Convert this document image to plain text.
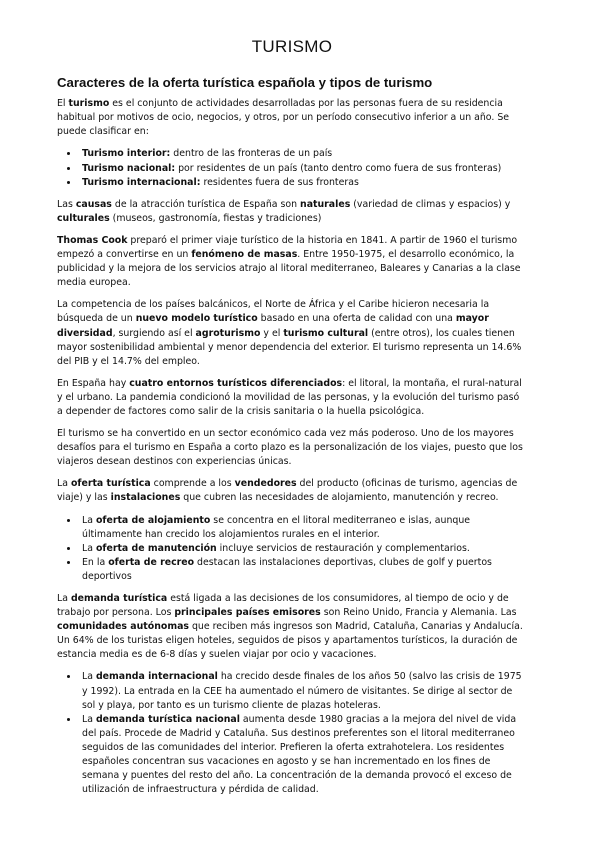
TURISMO
Caracteres de la oferta turística española y tipos de turismo

El turismo es el conjunto de actividades desarrolladas por las personas fuera de su residencia habitual por motivos de ocio, negocios, y otros, por un período consecutivo inferior a un año. Se puede clasificar en:

• Turismo interior: dentro de las fronteras de un país
• Turismo nacional: por residentes de un país (tanto dentro como fuera de sus fronteras)
• Turismo internacional: residentes fuera de sus fronteras

Las causas de la atracción turística de España son naturales (variedad de climas y espacios) y culturales (museos, gastronomía, fiestas y tradiciones)

Thomas Cook preparó el primer viaje turístico de la historia en 1841. A partir de 1960 el turismo empezó a convertirse en un fenómeno de masas. Entre 1950-1975, el desarrollo económico, la publicidad y la mejora de los servicios atrajo al litoral mediterraneo, Baleares y Canarias a la clase media europea.

La competencia de los países balcánicos, el Norte de África y el Caribe hicieron necesaria la búsqueda de un nuevo modelo turístico basado en una oferta de calidad con una mayor diversidad, surgiendo así el agroturismo y el turismo cultural (entre otros), los cuales tienen mayor sostenibilidad ambiental y menor dependencia del exterior. El turismo representa un 14.6% del PIB y el 14.7% del empleo.

En España hay cuatro entornos turísticos diferenciados: el litoral, la montaña, el rural-natural y el urbano. La pandemia condicionó la movilidad de las personas, y la evolución del turismo pasó a depender de factores como salir de la crisis sanitaria o la huella psicológica.

El turismo se ha convertido en un sector económico cada vez más poderoso. Uno de los mayores desafíos para el turismo en España a corto plazo es la personalización de los viajes, puesto que los viajeros desean destinos con experiencias únicas.

La oferta turística comprende a los vendedores del producto (oficinas de turismo, agencias de viaje) y las instalaciones que cubren las necesidades de alojamiento, manutención y recreo.

• La oferta de alojamiento se concentra en el litoral mediterraneo e islas, aunque últimamente han crecido los alojamientos rurales en el interior.
• La oferta de manutención incluye servicios de restauración y complementarios.
• En la oferta de recreo destacan las instalaciones deportivas, clubes de golf y puertos deportivos

La demanda turística está ligada a las decisiones de los consumidores, al tiempo de ocio y de trabajo por persona. Los principales países emisores son Reino Unido, Francia y Alemania. Las comunidades autónomas que reciben más ingresos son Madrid, Cataluña, Canarias y Andalucía. Un 64% de los turistas eligen hoteles, seguidos de pisos y apartamentos turísticos, la duración de estancia media es de 6-8 días y suelen viajar por ocio y vacaciones.

• La demanda internacional ha crecido desde finales de los años 50 (salvo las crisis de 1975 y 1992). La entrada en la CEE ha aumentado el número de visitantes. Se dirige al sector de sol y playa, por tanto es un turismo cliente de plazas hoteleras.
• La demanda turística nacional aumenta desde 1980 gracias a la mejora del nivel de vida del país. Procede de Madrid y Cataluña. Sus destinos preferentes son el litoral mediterraneo seguidos de las comunidades del interior. Prefieren la oferta extrahotelera. Los residentes españoles concentran sus vacaciones en agosto y se han incrementado en los fines de semana y puentes del resto del año. La concentración de la demanda provocó el exceso de utilización de infraestructura y pérdida de calidad.
